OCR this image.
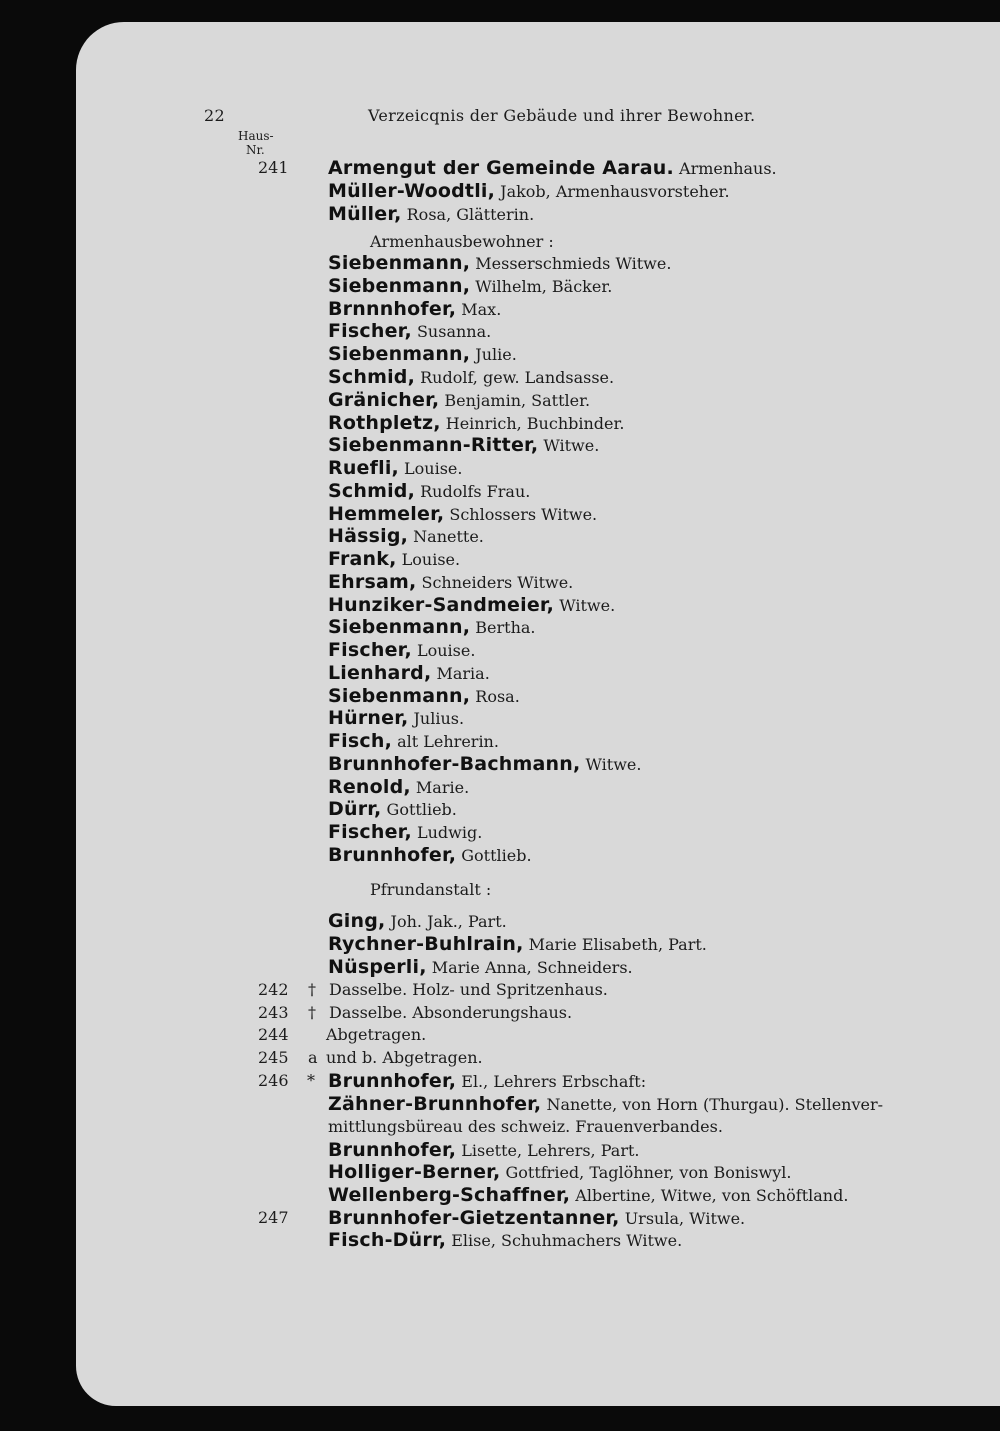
22	Verzeicqnis der Gebäude und ihrer Bewohner.
Haus-
Nr.
241
242
243
244
245
246
247
†
†
a
*
Armengut der Gemeinde Aarau. Armenhaus.
Müller-Woodtli, Jakob, Armenhausvorsteher.
Müller, Rosa, Glätterin.
Armenhausbewohner :
Siebenmann, Messerschmieds Witwe.
Siebenmann, Wilhelm, Bäcker.
Brnnnhofer, Max.
Fischer, Susanna.
Siebenmann, Julie.
Schmid, Rudolf, gew. Landsasse.
Gränicher, Benjamin, Sattler.
Rothpletz, Heinrich, Buchbinder.
Siebenmann-Ritter, Witwe.
Ruefli, Louise.
Schmid, Rudolfs Frau.
Hemmeler, Schlossers Witwe.
Hässig, Nanette.
Frank, Louise.
Ehrsam, Schneiders Witwe.
Hunziker-Sandmeier, Witwe.
Siebenmann, Bertha.
Fischer, Louise.
Lienhard, Maria.
Siebenmann, Rosa.
Hürner, Julius.
Fisch, alt Lehrerin.
Brunnhofer-Bachmann, Witwe.
Renold, Marie.
Dürr, Gottlieb.
Fischer, Ludwig.
Brunnhofer, Gottlieb.
Pfrundanstalt :
Ging, Joh. Jak., Part.
Rychner-Buhlrain, Marie Elisabeth, Part.
Nüsperli, Marie Anna, Schneiders.
Dasselbe. Holz- und Spritzenhaus.
Dasselbe. Absonderungshaus.
Abgetragen.
und b. Abgetragen.
Brunnhofer, El., Lehrers Erbschaft:
Zähner-Brunnhofer, Nanette, von Horn (Thurgau). Stellenver-
mittlungsbüreau des schweiz. Frauenverbandes.
Brunnhofer, Lisette, Lehrers, Part.
Holliger-Berner, Gottfried, Taglöhner, von Boniswyl.
Wellenberg-Schaffner, Albertine, Witwe, von Schöftland.
Brunnhofer-Gietzentanner, Ursula, Witwe.
Fisch-Dürr, Elise, Schuhmachers Witwe.
